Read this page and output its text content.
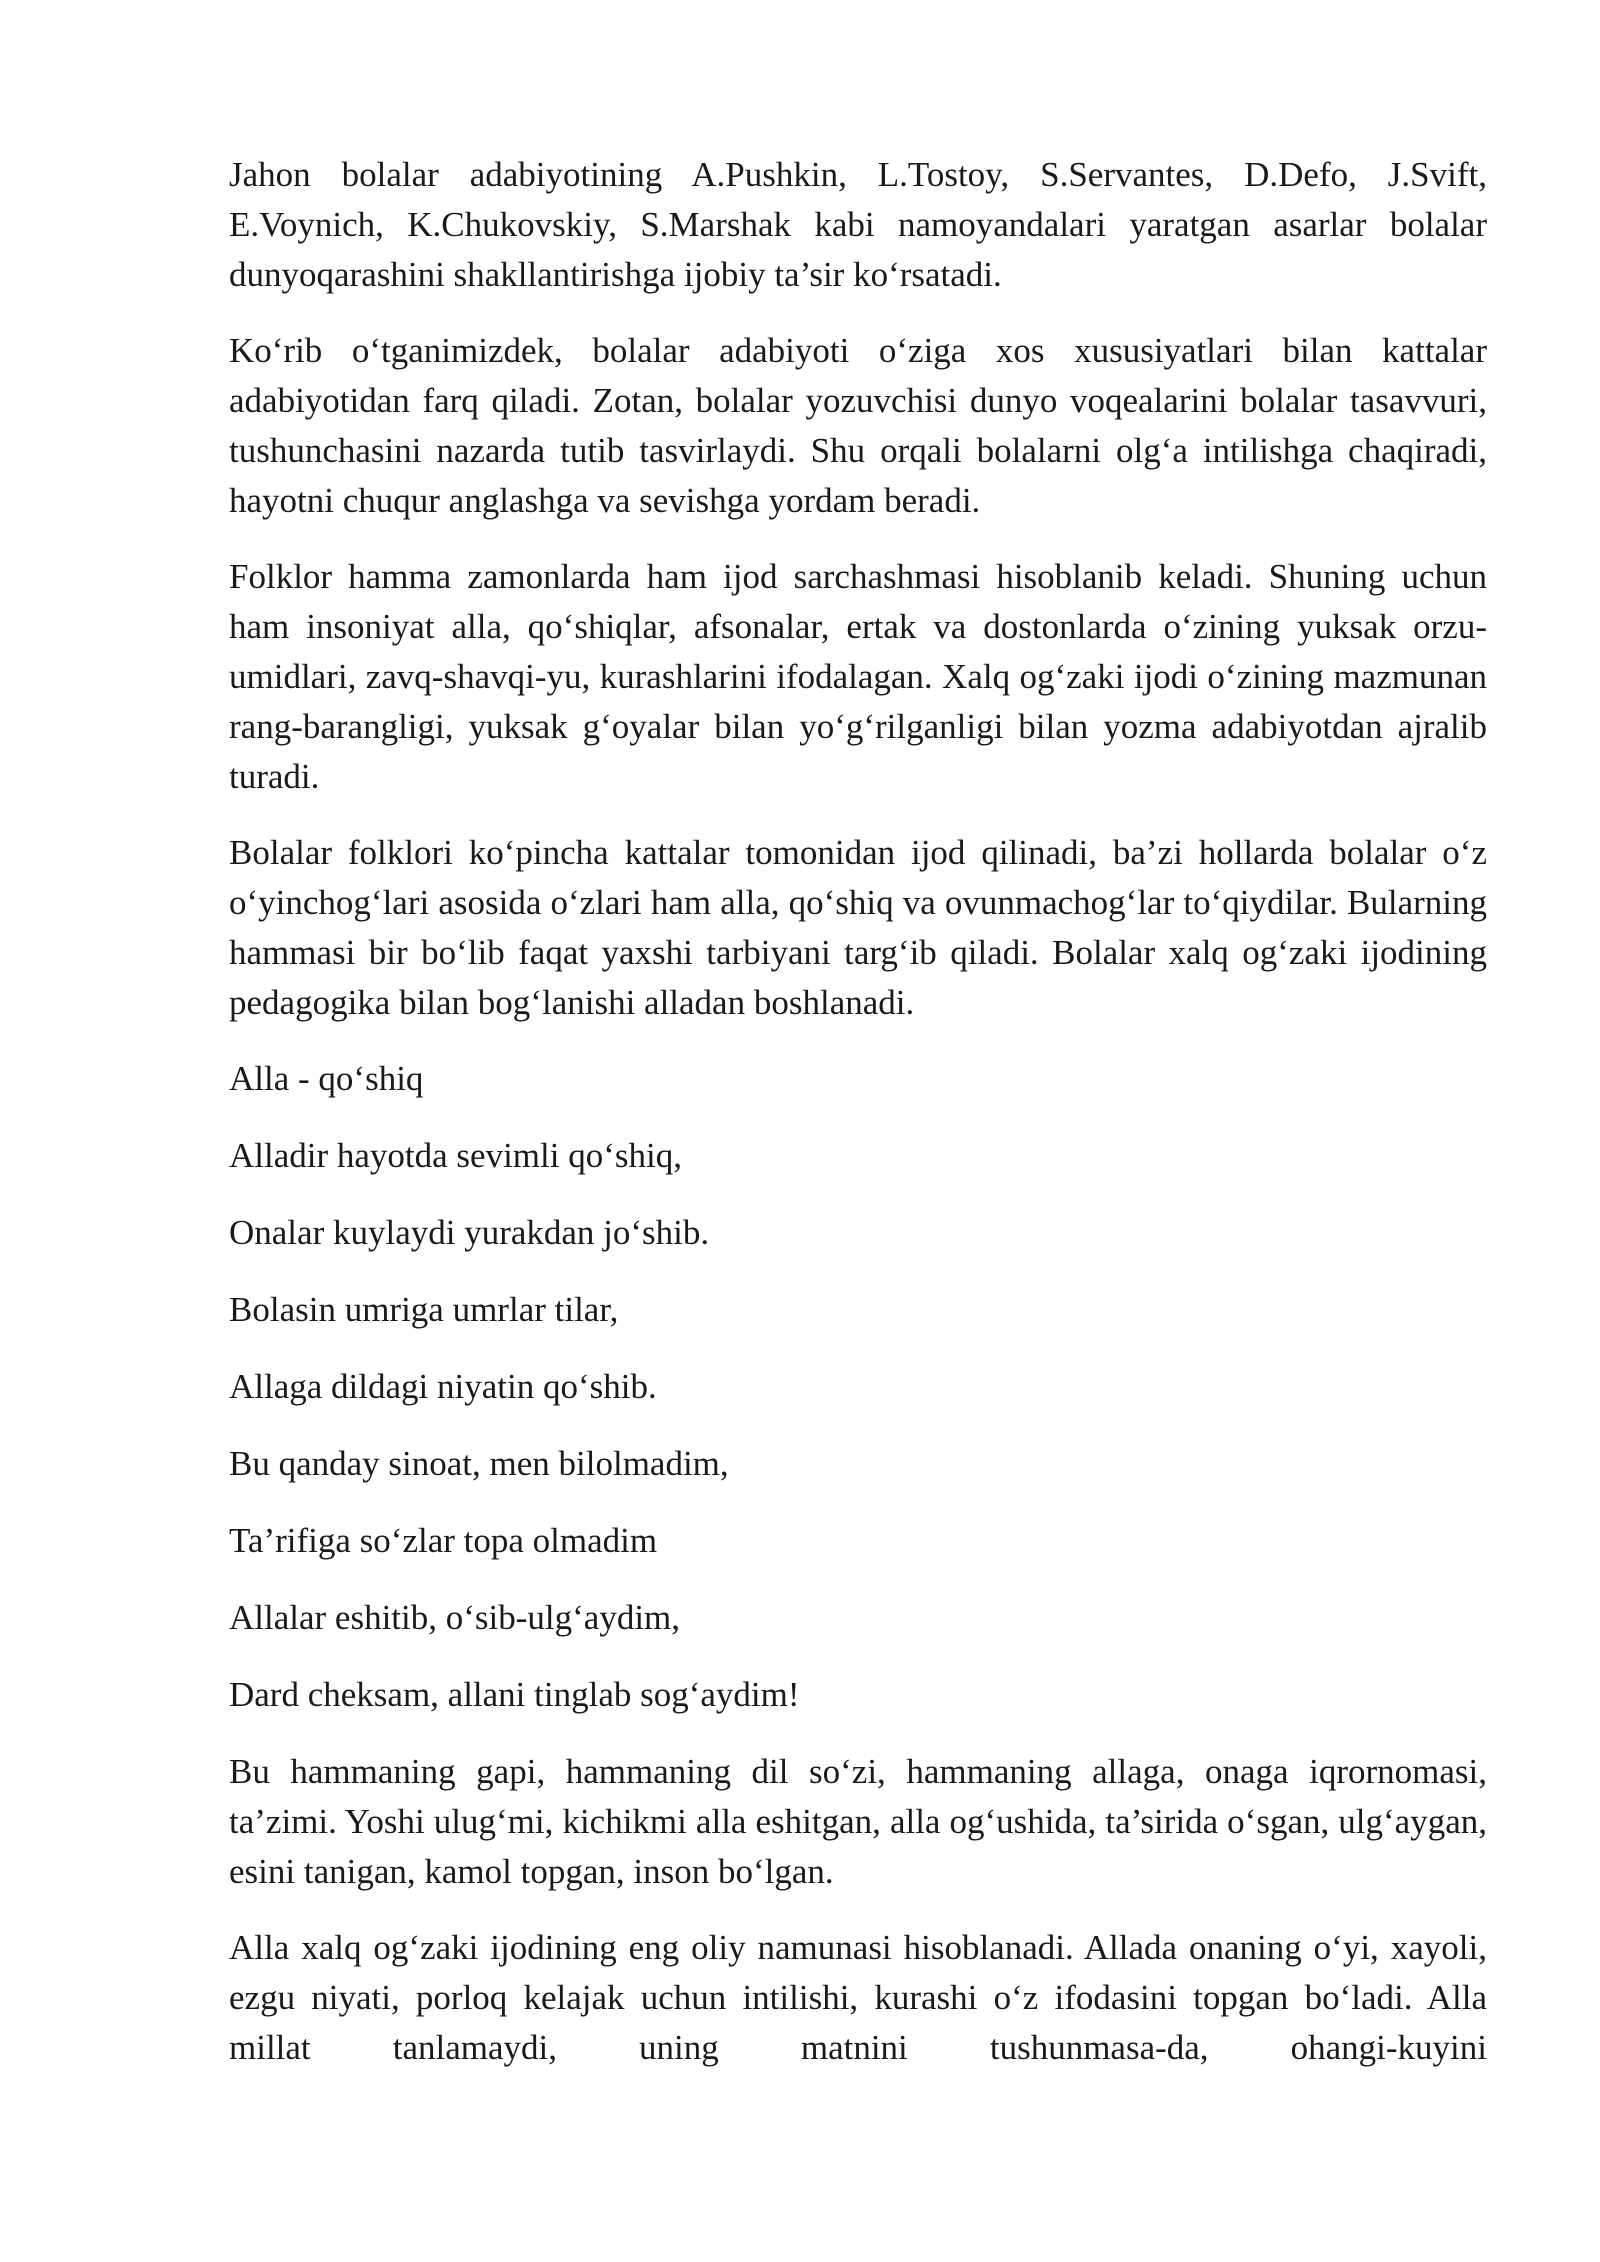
Jahon bolalar adabiyotining A.Pushkin, L.Tostoy, S.Servantes, D.Defo, J.Svift, E.Voynich, K.Chukovskiy, S.Marshak kabi namoyandalari yaratgan asarlar bolalar dunyoqarashini shakllantirishga ijobiy ta’sir ko‘rsatadi.

Ko‘rib o‘tganimizdek, bolalar adabiyoti o‘ziga xos xususiyatlari bilan kattalar adabiyotidan farq qiladi. Zotan, bolalar yozuvchisi dunyo voqealarini bolalar tasavvuri, tushunchasini nazarda tutib tasvirlaydi. Shu orqali bolalarni olg‘a intilishga chaqiradi, hayotni chuqur anglashga va sevishga yordam beradi.

Folklor hamma zamonlarda ham ijod sarchashmasi hisoblanib keladi. Shuning uchun ham insoniyat alla, qo‘shiqlar, afsonalar, ertak va dostonlarda o‘zining yuksak orzu-umidlari, zavq-shavqi-yu, kurashlarini ifodalagan. Xalq og‘zaki ijodi o‘zining mazmunan rang-barangligi, yuksak g‘oyalar bilan yo‘g‘rilganligi bilan yozma adabiyotdan ajralib turadi.

Bolalar folklori ko‘pincha kattalar tomonidan ijod qilinadi, ba’zi hollarda bolalar o‘z o‘yinchog‘lari asosida o‘zlari ham alla, qo‘shiq va ovunmachog‘lar to‘qiydilar. Bularning hammasi bir bo‘lib faqat yaxshi tarbiyani targ‘ib qiladi. Bolalar xalq og‘zaki ijodining pedagogika bilan bog‘lanishi alladan boshlanadi.

Alla - qo‘shiq

Alladir hayotda sevimli qo‘shiq,

Onalar kuylaydi yurakdan jo‘shib.

Bolasin umriga umrlar tilar,

Allaga dildagi niyatin qo‘shib.

Bu qanday sinoat, men bilolmadim,

Ta’rifiga so‘zlar topa olmadim

Allalar eshitib, o‘sib-ulg‘aydim,

Dard cheksam, allani tinglab sog‘aydim!

Bu hammaning gapi, hammaning dil so‘zi, hammaning allaga, onaga iqrornomasi, ta’zimi. Yoshi ulug‘mi, kichikmi alla eshitgan, alla og‘ushida, ta’sirida o‘sgan, ulg‘aygan, esini tanigan, kamol topgan, inson bo‘lgan.

Alla xalq og‘zaki ijodining eng oliy namunasi hisoblanadi. Allada onaning o‘yi, xayoli, ezgu niyati, porloq kelajak uchun intilishi, kurashi o‘z ifodasini topgan bo‘ladi. Alla millat tanlamaydi, uning matnini tushunmasa-da, ohangi-kuyini
